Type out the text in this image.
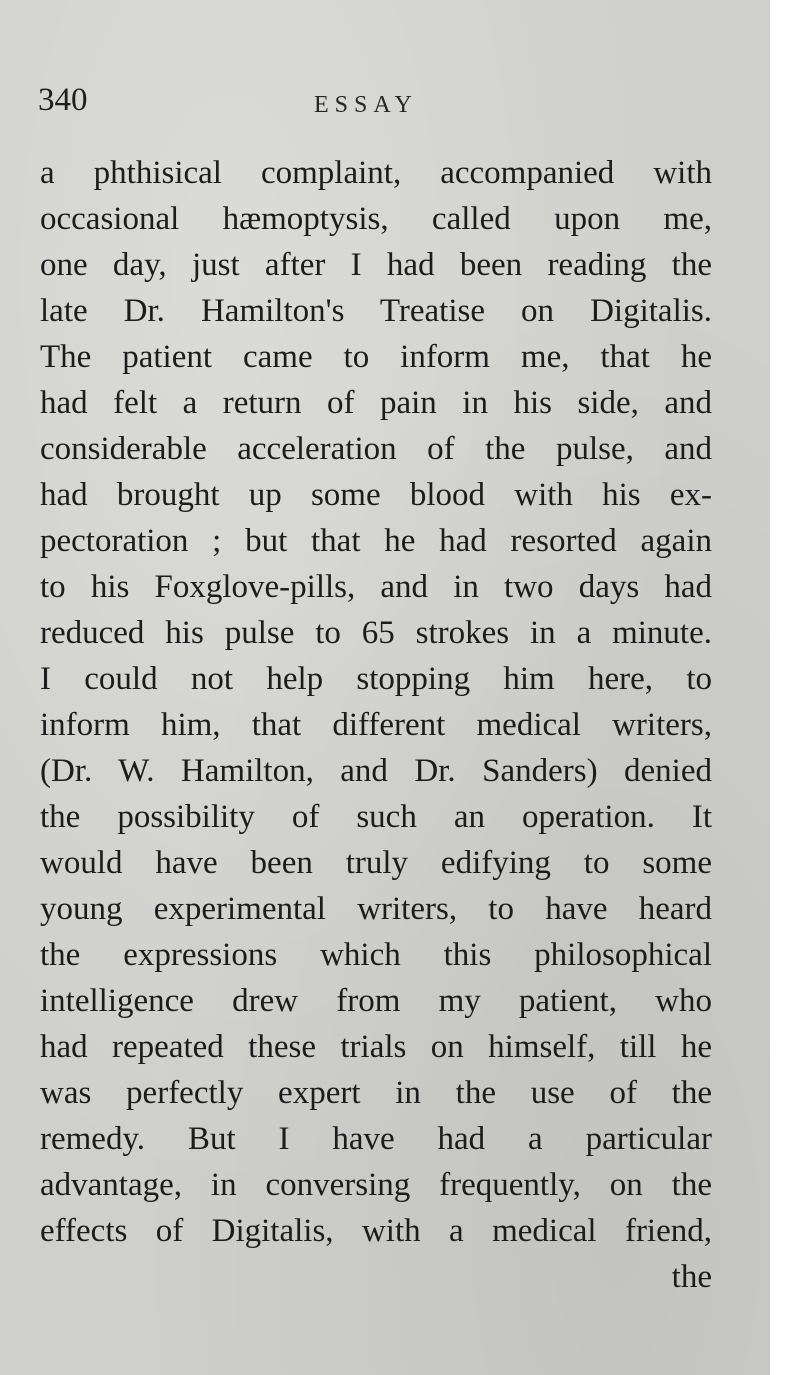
340	ESSAY
a phthisical complaint, accompanied with
occasional hæmoptysis, called upon me,
one day, just after I had been reading the
late Dr. Hamilton's Treatise on Digitalis.
The patient came to inform me, that he
had felt a return of pain in his side, and
considerable acceleration of the pulse, and
had brought up some blood with his ex-
pectoration ; but that he had resorted again
to his Foxglove-pills, and in two days had
reduced his pulse to 65 strokes in a minute.
I could not help stopping him here, to
inform him, that different medical writers,
(Dr. W. Hamilton, and Dr. Sanders) denied
the possibility of such an operation. It
would have been truly edifying to some
young experimental writers, to have heard
the expressions which this philosophical
intelligence drew from my patient, who
had repeated these trials on himself, till he
was perfectly expert in the use of the
remedy. But I have had a particular
advantage, in conversing frequently, on the
effects of Digitalis, with a medical friend,
the
